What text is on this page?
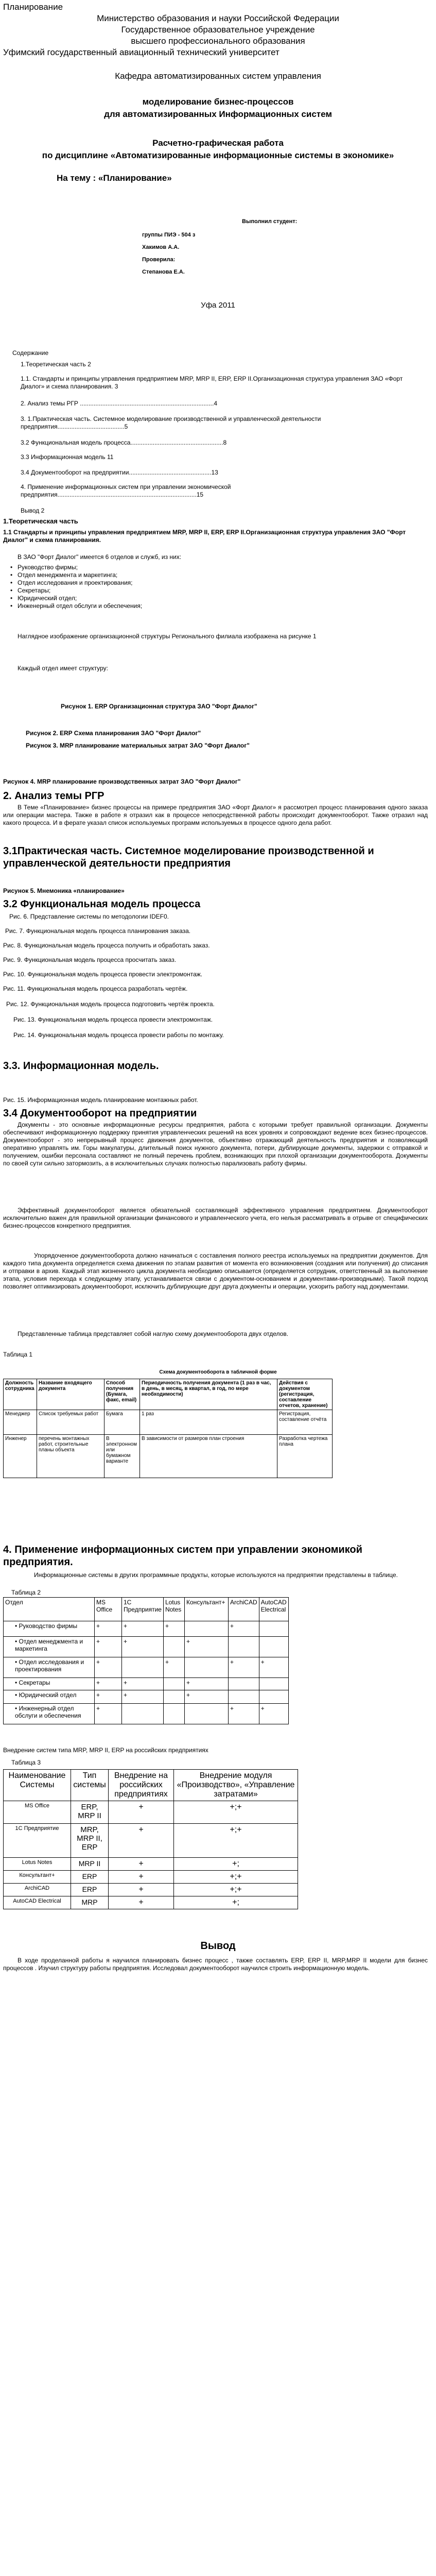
Планирование
Министерство образования и науки Российской Федерации
Государственное образовательное учреждение
высшего профессионального образования
Уфимский государственный авиационный технический университет
Кафедра автоматизированных систем управления
моделирование бизнес-процессов
для автоматизированных Информационных систем
Расчетно-графическая работа
по дисциплине «Автоматизированные информационные системы в экономике»
На тему : «Планирование»
Выполнил студент:
группы ПИЭ - 504 з
Хакимов А.А.
Проверила:
Степанова Е.А.
Уфа 2011
Содержание
1.Теоретическая часть 2
1.1. Стандарты и принципы управления предприятием MRP, MRP II, ERP, ERP II.Организационная структура управления ЗАО «Форт Диалог» и схема планирования. 3
2. Анализ темы РГР ..............................................................................4
3. 1.Практическая часть. Системное моделирование производственной и управленческой деятельности предприятия.......................................5
3.2 Функциональная модель процесса......................................................8
3.3 Информационная модель 11
3.4 Документооборот на предприятии................................................13
4. Применение информационных систем при управлении экономической предприятия.................................................................................15
Вывод 2
1.Теоретическая часть
1.1 Стандарты и принципы управления предприятием MRP, MRP II, ERP, ERP II.Организационная структура управления ЗАО "Форт Диалог" и схема планирования.
В ЗАО "Форт Диалог" имеется 6 отделов и служб, из них:
• Руководство фирмы;
• Отдел менеджмента и маркетинга;
• Отдел исследования и проектирования;
• Секретары;
• Юридический отдел;
• Инженерный отдел обслуги и обеспечения;
Наглядное изображение организационной структуры Регионального филиала изображена на рисунке 1
Каждый отдел имеет структуру:
Рисунок 1. ERP Организационная структура ЗАО "Форт Диалог"
Рисунок 2. ERP Схема планирования ЗАО "Форт Диалог"
Рисунок 3. MRP планирование материальных затрат ЗАО "Форт Диалог"
Рисунок 4. MRP планирование производственных затрат ЗАО "Форт Диалог"
2. Анализ темы РГР
В Теме «Планирование» бизнес процессы на примере предприятия ЗАО «Форт Диалог» я рассмотрел процесс планирования одного заказа или операции мастера. Также в работе я отразил как в процессе непосредственной работы происходит документооборот. Также отразил над какого процесса. И в ферате указал список используемых программ используемых в процессе одного дела работ.
3.1Практическая часть. Системное моделирование производственной и управленческой деятельности предприятия
Рисунок 5. Мнемоника «планирование»
3.2 Функциональная модель процесса
Рис. 6. Представление системы по методологии IDEF0.
Рис. 7. Функциональная модель процесса планирования заказа.
Рис. 8. Функциональная модель процесса получить и обработать заказ.
Рис. 9. Функциональная модель процесса просчитать заказ.
Рис. 10. Функциональная модель процесса провести электромонтаж.
Рис. 11. Функциональная модель процесса разработать чертёж.
Рис. 12. Функциональная модель процесса подготовить чертёж проекта.
Рис. 13. Функциональная модель процесса провести электромонтаж.
Рис. 14. Функциональная модель процесса провести работы по монтажу.
3.3. Информационная модель.
Рис. 15. Информационная модель планирование монтажных работ.
3.4 Документооборот на предприятии
Документы - это основные информационные ресурсы предприятия, работа с которыми требует правильной организации. Документы обеспечивают информационную поддержку принятия управленческих решений на всех уровнях и сопровождают ведение всех бизнес-процессов. Документооборот - это непрерывный процесс движения документов, объективно отражающий деятельность предприятия и позволяющий оперативно управлять им. Горы макулатуры, длительный поиск нужного документа, потери, дублирующие документы, задержки с отправкой и получением, ошибки персонала составляют не полный перечень проблем, возникающих при плохой организации документооборота. Документы по своей сути сильно затормозить, а в исключительных случаях полностью парализовать работу фирмы.
Эффективный документооборот является обязательной составляющей эффективного управления предприятием. Документооборот исключительно важен для правильной организации финансового и управленческого учета, его нельзя рассматривать в отрыве от специфических бизнес-процессов конкретного предприятия.
Упорядоченное документооборота должно начинаться с составления полного реестра используемых на предприятии документов. Для каждого типа документа определяется схема движения по этапам развития от момента его возникновения (создания или получения) до списания и отправки в архив. Каждый этап жизненного цикла документа необходимо описывается (определяется сотрудник, ответственный за выполнение этапа, условия перехода к следующему этапу, устанавливается связи с документом-основанием и документами-производными). Такой подход позволяет оптимизировать документооборот, исключить дублирующие друг друга документы и операции, ускорить работу над документами.
Представленные таблица представляет собой наглую схему документооборота двух отделов.
Таблица 1
Схема документооборота в табличной форме
Должность сотрудника	Название входящего документа	Способ получения (Бумага, факс, email)	Периодичность получения документа (1 раз в час, в день, в месяц, в квартал, в год, по мере необходимости)	Действия с документом (регистрация, составление отчетов, хранение)
Менеджер	Список требуемых работ	Бумага	1 раз	Регистрация, составление отчёта
Инженер	перечень монтажных работ, строительные планы объекта	В электронном или бумажном варианте	В зависимости от размеров план строения	Разработка чертежа плана
4. Применение информационных систем при управлении экономикой предприятия.
Информационные системы в других программные продукты, которые используются на предприятии представлены в таблице.
Таблица 2
Отдел	MS Office	1C Предприятие	Lotus Notes	Консультант+	ArchiCAD	AutoCAD Electrical
• Руководство фирмы	+	+	+		+	
• Отдел менеджмента и маркетинга	+	+		+		
• Отдел исследования и проектирования	+		+		+	+
• Секретары	+	+		+		
• Юридический отдел	+	+		+		
• Инженерный отдел обслуги и обеспечения	+				+	+
Внедрение систем типа MRP, MRP II, ERP на российских предприятиях
Таблица 3
Наименование Системы	Тип системы	Внедрение на российских предприятиях	Внедрение модуля «Производство», «Управление затратами»
MS Office	ERP, MRP II	+	+;+
1С Предприятие	MRP, MRP II, ERP	+	+;+
Lotus Notes	MRP II	+	+;
Консультант+	ERP	+	+;+
ArchiCAD	ERP	+	+;+
AutoCAD Electrical	MRP	+	+;
Вывод
В ходе проделанной работы я научился планировать бизнес процесс , также составлять ERP, ERP II, MRP,MRP II модели для бизнес процессов . Изучил структуру работы предприятия. Исследовал документооборот научился строить информационную модель.
